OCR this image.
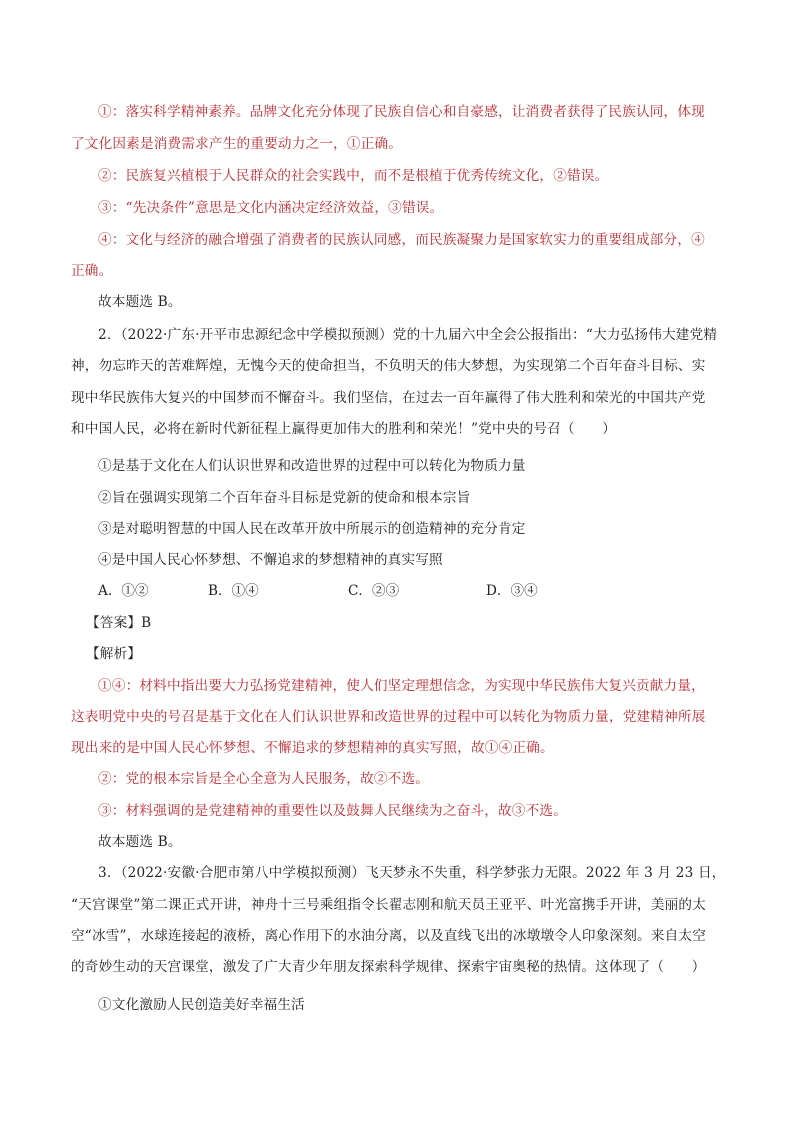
①：落实科学精神素养。品牌文化充分体现了民族自信心和自豪感，让消费者获得了民族认同，体现
了文化因素是消费需求产生的重要动力之一，①正确。
②：民族复兴植根于人民群众的社会实践中，而不是根植于优秀传统文化，②错误。
③：“先决条件”意思是文化内涵决定经济效益，③错误。
④：文化与经济的融合增强了消费者的民族认同感，而民族凝聚力是国家软实力的重要组成部分，④
正确。
故本题选 B。
2．（2022·广东·开平市忠源纪念中学模拟预测）党的十九届六中全会公报指出：“大力弘扬伟大建党精
神，勿忘昨天的苦难辉煌，无愧今天的使命担当，不负明天的伟大梦想，为实现第二个百年奋斗目标、实
现中华民族伟大复兴的中国梦而不懈奋斗。我们坚信，在过去一百年赢得了伟大胜利和荣光的中国共产党
和中国人民，必将在新时代新征程上赢得更加伟大的胜利和荣光！”党中央的号召（　　）
①是基于文化在人们认识世界和改造世界的过程中可以转化为物质力量
②旨在强调实现第二个百年奋斗目标是党新的使命和根本宗旨
③是对聪明智慧的中国人民在改革开放中所展示的创造精神的充分肯定
④是中国人民心怀梦想、不懈追求的梦想精神的真实写照
A．①②	B．①④	C．②③	D．③④
【答案】B
【解析】
①④：材料中指出要大力弘扬党建精神，使人们坚定理想信念，为实现中华民族伟大复兴贡献力量，
这表明党中央的号召是基于文化在人们认识世界和改造世界的过程中可以转化为物质力量，党建精神所展
现出来的是中国人民心怀梦想、不懈追求的梦想精神的真实写照，故①④正确。
②：党的根本宗旨是全心全意为人民服务，故②不选。
③：材料强调的是党建精神的重要性以及鼓舞人民继续为之奋斗，故③不选。
故本题选 B。
3．（2022·安徽·合肥市第八中学模拟预测）飞天梦永不失重，科学梦张力无限。2022 年 3 月 23 日，
“天宫课堂”第二课正式开讲，神舟十三号乘组指令长翟志刚和航天员王亚平、叶光富携手开讲，美丽的太
空“冰雪”，水球连接起的液桥，离心作用下的水油分离，以及直线飞出的冰墩墩令人印象深刻。来自太空
的奇妙生动的天宫课堂，激发了广大青少年朋友探索科学规律、探索宇宙奥秘的热情。这体现了（　　）
①文化激励人民创造美好幸福生活
